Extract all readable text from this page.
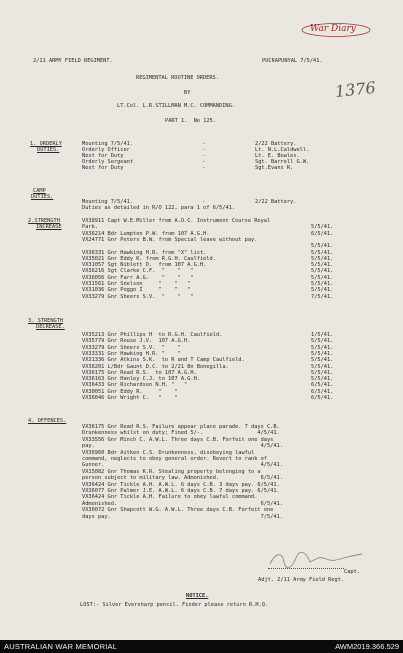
War Diary
1376
2/11 ARMY FIELD REGIMENT.	PUCKAPUNYAL 7/5/41.
REGIMENTAL ROUTINE ORDERS.
BY
LT.Col. L.R.STILLMAN M.C. COMMANDING.
PART 1.  No 125.
1. ORDERLY
DUTIES.
Mounting 7/5/41.	-	2/22 Battery.
Orderly Officer	-	Lt. N.L.Caldwell.
Next for Duty	-	Lt. E. Bowles.
Orderly Sergeant	-	Sgt. Barrell G.W.
Next for Duty	-	Sgt.Evans R.
CAMP
DUTIES.
Mounting 7/5/41.	-	2/22 Battery.
Duties as detailed in R/O 122, para 1 of 6/5/41.
2.STRENGTH
INCREASE
VX38911 Capt W.E.Miller from A.O.C. Instrument Course Royal
Park.	5/5/41.
VX36214 Bdr Lumpton P.W. from 107 A.G.H.	6/5/41.
VX24771 Gnr Peters B.W. from Special leave without pay.
5/5/41.
VX36331 Gnr Hawking H.R. from "X" list.	5/5/41.
VX35021 Gnr Eddy K. from R.G.H. Caulfield.	5/5/41.
VX31057 Sgt Niblett D.  from 107 A.G.H.	5/5/41.
VX36216 Sgt Clarke C.F.  "    "   "	5/5/41.
VX36056 Gnr Farr A.G.    "    "   "	5/5/41.
VX31561 Gnr Snelson     "    "   "	5/5/41.
VX31036 Gnr Poggo I     "    "   "	5/5/41.
VX33279 Gnr Sheers S.V.  "    "   "	7/5/41.
3. STRENGTH
DECREASE.
VX35213 Gnr Phillips H  to R.G.H. Caulfield.	1/5/41.
VX35779 Gnr Rouse J.V.  107 A.G.H.	5/5/41.
VX33279 Gnr Sheers S.V.  "    "	5/5/41.
VX33331 Gnr Hawking H.R. "    "	5/5/41.
VX31336 Gnr Atkins S.K.  to R and T Camp Caulfield.	5/5/41.
VX36201 L/Bdr Gaunt D.C. to 2/21 Bn Bonegilla.	5/5/41.
VX36175 Gnr Read R.S.  to 107 A.G.H.	5/5/41.
VX36163 Gnr Hanley C.J. to 107 A.G.H.	5/5/41.
VX36433 Gnr Richardson N.H. "   "	6/5/41.
VX30051 Gnr Eddy R.     "    "	6/5/41.
VX36046 Gnr Wright C.   "    "	6/5/41.
4. OFFENCES.
VX36175 Gnr Read R.S. Failure appear place parade. 7 days C.B.
Drunkenness whilst on duty; Fined 5/-.                 4/5/41.
VX33556 Gnr Minch C. A.W.L. Three days C.B. Forfeit one days
pay.                                                    4/5/41.
VX36960 Bdr Aitken C.S. Drunkenness, disobeying lawful
command, neglects to obey general order. Revert to rank of
Gunner.                                                 4/5/41.
VX15082 Gnr Thomas K.R. Stealing property belonging to a
person subject to military law. Admonished.             6/5/41.
VX36424 Gnr Tickle A.H. A.W.L. 6 days C.B. 3 days pay. 6/5/41.
VX36077 Gnr Palmer J.E. A.W.L. 6 days C.B. 7 days pay. 6/5/41.
VX36424 Gnr Tickle A.H. Failure to obey lawful command.
Admonished.                                             6/5/41.
VX36072 Gnr Shapcott W.G. A.W.L. Three days C.B. Forfeit one
days pay.                                               7/5/41.
Capt.
Adjt. 2/11 Army Field Regt.
NOTICE.
LOST:- Silver Eversharp pencil. Finder please return R.H.Q.
AUSTRALIAN WAR MEMORIAL	AWM2019.366.529
